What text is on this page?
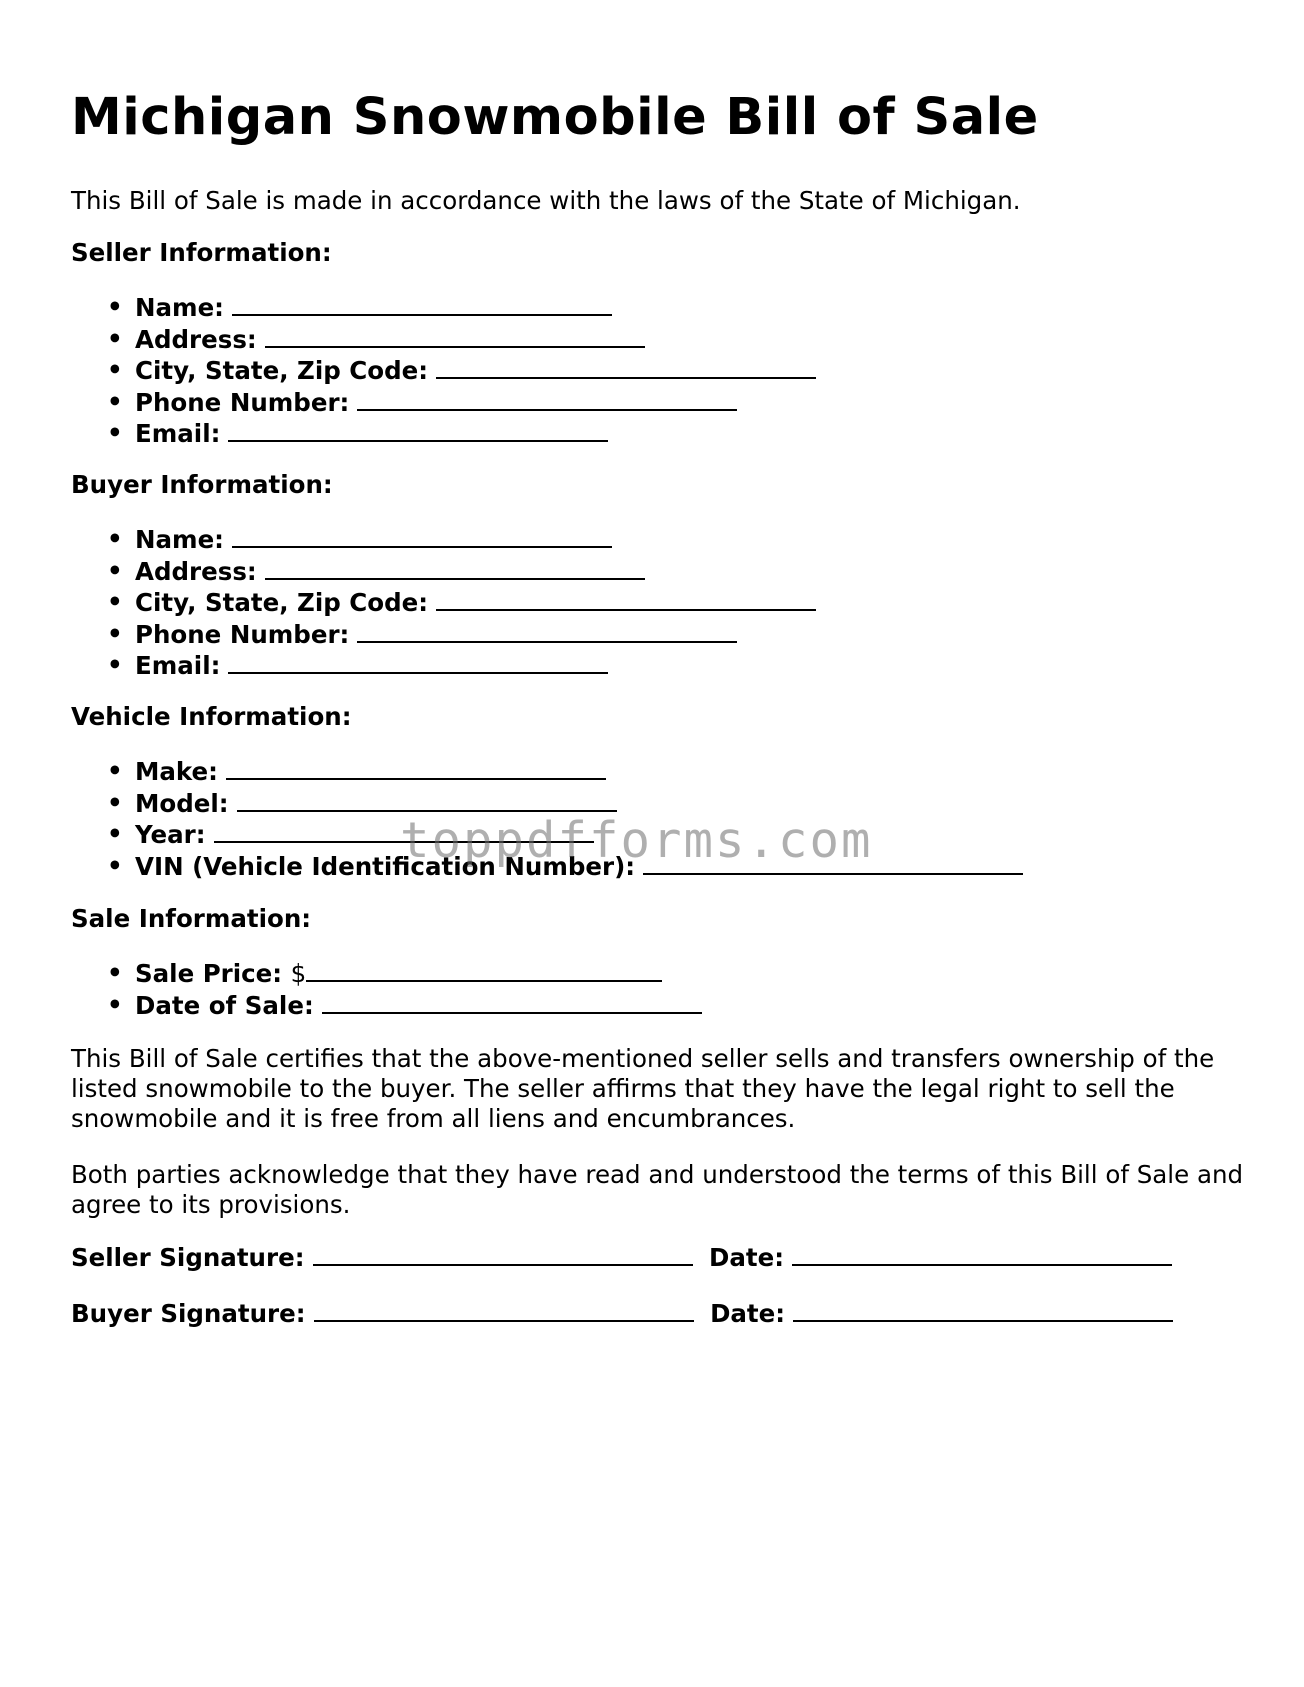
Michigan Snowmobile Bill of Sale

This Bill of Sale is made in accordance with the laws of the State of Michigan.

Seller Information:

• Name:
• Address:
• City, State, Zip Code:
• Phone Number:
• Email:

Buyer Information:

• Name:
• Address:
• City, State, Zip Code:
• Phone Number:
• Email:

Vehicle Information:

• Make:
• Model:
• Year:
• VIN (Vehicle Identification Number):

Sale Information:

• Sale Price: $
• Date of Sale:

This Bill of Sale certifies that the above-mentioned seller sells and transfers ownership of the listed snowmobile to the buyer. The seller affirms that they have the legal right to sell the snowmobile and it is free from all liens and encumbrances.

Both parties acknowledge that they have read and understood the terms of this Bill of Sale and agree to its provisions.

Seller Signature:	Date:
Buyer Signature:	Date:
toppdfforms.com
